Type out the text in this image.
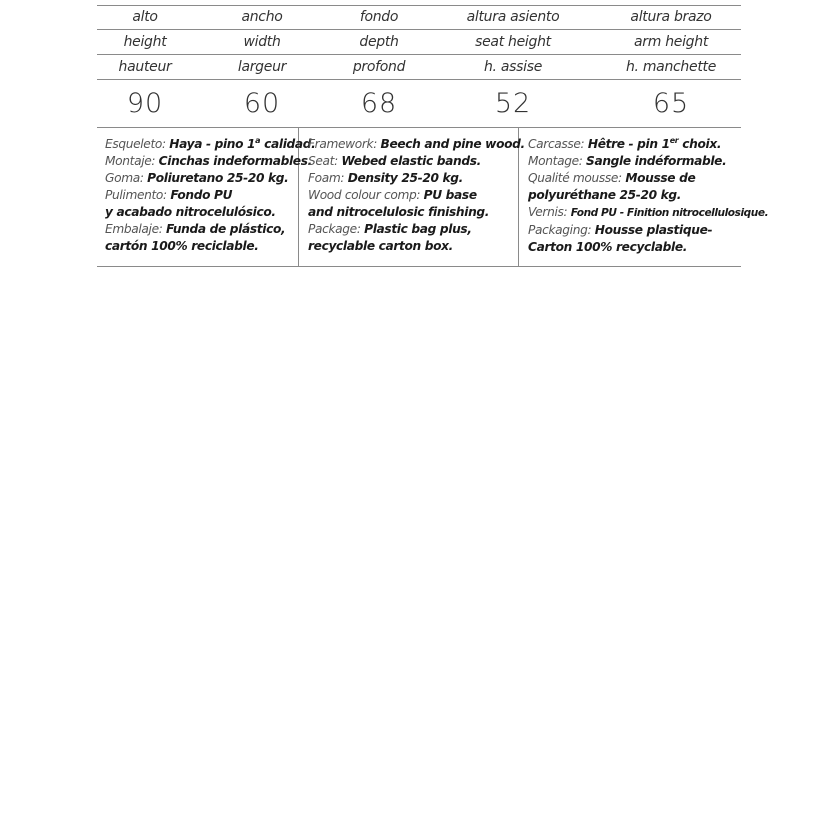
alto	ancho	fondo	altura asiento	altura brazo
height	width	depth	seat height	arm height
hauteur	largeur	profond	h. assise	h. manchette
90	60	68	52	65
Esqueleto: Haya - pino 1$^a$ calidad.
Montaje: Cinchas indeformables.
Goma: Poliuretano 25-20 kg.
Pulimento: Fondo PU
y acabado nitrocelulósico.
Embalaje: Funda de plástico,
cartón 100% reciclable.
Framework: Beech and pine wood.
Seat: Webed elastic bands.
Foam: Density 25-20 kg.
Wood colour comp: PU base
and nitrocelulosic finishing.
Package: Plastic bag plus,
recyclable carton box.
Carcasse: Hêtre - pin 1er choix.
Montage: Sangle indéformable.
Qualité mousse: Mousse de
polyuréthane 25-20 kg.
Vernis: Fond PU - Finition nitrocellulosique.
Packaging: Housse plastique-
Carton 100% recyclable.
